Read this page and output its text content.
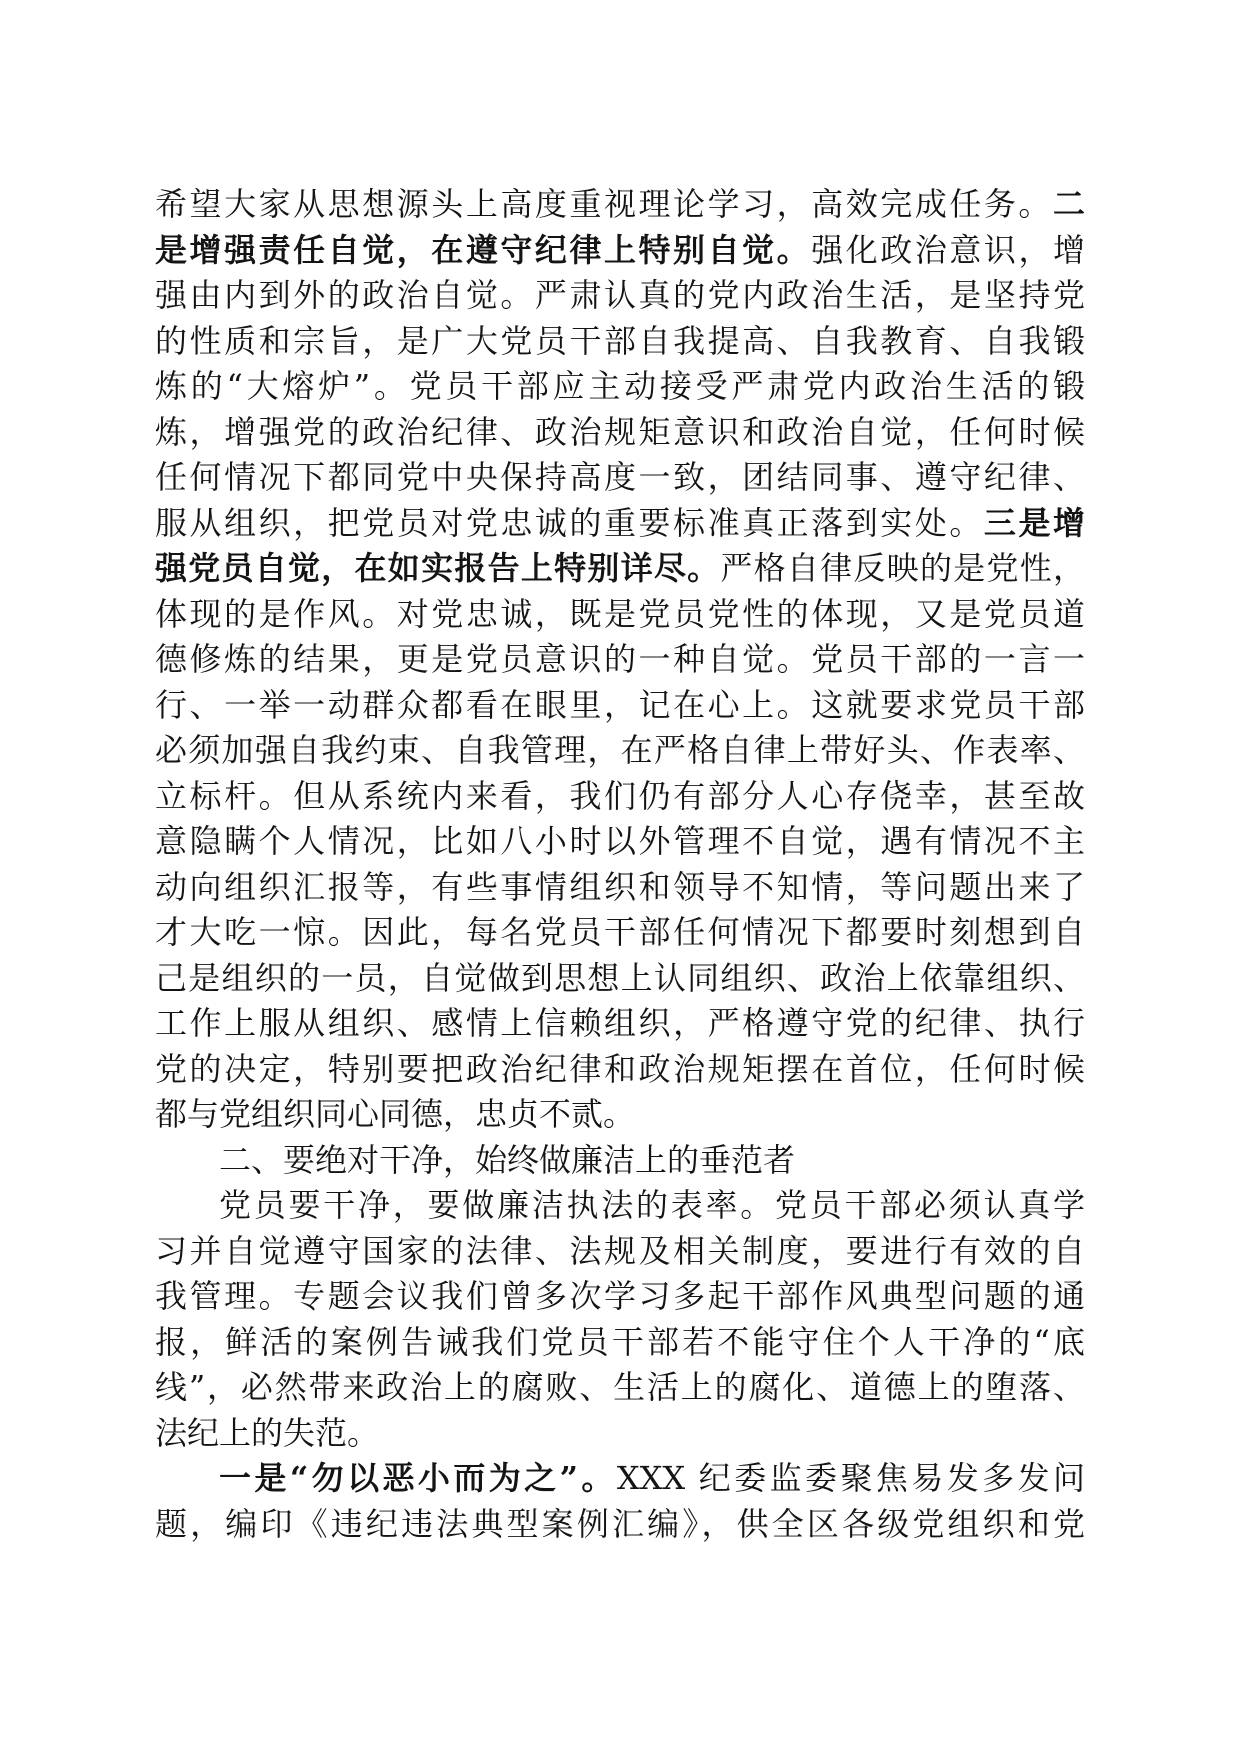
希望大家从思想源头上高度重视理论学习，高效完成任务。二
是增强责任自觉，在遵守纪律上特别自觉。强化政治意识，增
强由内到外的政治自觉。严肃认真的党内政治生活，是坚持党
的性质和宗旨，是广大党员干部自我提高、自我教育、自我锻
炼的“大熔炉”。党员干部应主动接受严肃党内政治生活的锻
炼，增强党的政治纪律、政治规矩意识和政治自觉，任何时候
任何情况下都同党中央保持高度一致，团结同事、遵守纪律、
服从组织，把党员对党忠诚的重要标准真正落到实处。三是增
强党员自觉，在如实报告上特别详尽。严格自律反映的是党性，
体现的是作风。对党忠诚，既是党员党性的体现，又是党员道
德修炼的结果，更是党员意识的一种自觉。党员干部的一言一
行、一举一动群众都看在眼里，记在心上。这就要求党员干部
必须加强自我约束、自我管理，在严格自律上带好头、作表率、
立标杆。但从系统内来看，我们仍有部分人心存侥幸，甚至故
意隐瞒个人情况，比如八小时以外管理不自觉，遇有情况不主
动向组织汇报等，有些事情组织和领导不知情，等问题出来了
才大吃一惊。因此，每名党员干部任何情况下都要时刻想到自
己是组织的一员，自觉做到思想上认同组织、政治上依靠组织、
工作上服从组织、感情上信赖组织，严格遵守党的纪律、执行
党的决定，特别要把政治纪律和政治规矩摆在首位，任何时候
都与党组织同心同德，忠贞不贰。
二、要绝对干净，始终做廉洁上的垂范者
党员要干净，要做廉洁执法的表率。党员干部必须认真学
习并自觉遵守国家的法律、法规及相关制度，要进行有效的自
我管理。专题会议我们曾多次学习多起干部作风典型问题的通
报，鲜活的案例告诫我们党员干部若不能守住个人干净的“底
线”，必然带来政治上的腐败、生活上的腐化、道德上的堕落、
法纪上的失范。
一是“勿以恶小而为之”。XXX 纪委监委聚焦易发多发问
题，编印《违纪违法典型案例汇编》，供全区各级党组织和党
